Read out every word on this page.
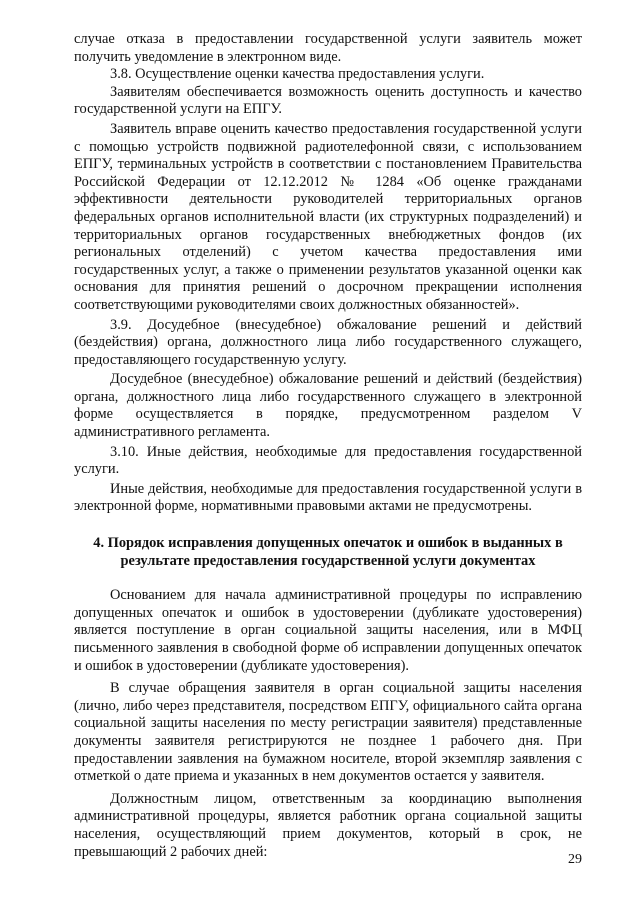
случае отказа в предоставлении государственной услуги заявитель может получить уведомление в электронном виде.

3.8. Осуществление оценки качества предоставления услуги.

Заявителям обеспечивается возможность оценить доступность и качество государственной услуги на ЕПГУ.

Заявитель вправе оценить качество предоставления государственной услуги с помощью устройств подвижной радиотелефонной связи, с использованием ЕПГУ, терминальных устройств в соответствии с постановлением Правительства Российской Федерации от 12.12.2012 № 1284 «Об оценке гражданами эффективности деятельности руководителей территориальных органов федеральных органов исполнительной власти (их структурных подразделений) и территориальных органов государственных внебюджетных фондов (их региональных отделений) с учетом качества предоставления ими государственных услуг, а также о применении результатов указанной оценки как основания для принятия решений о досрочном прекращении исполнения соответствующими руководителями своих должностных обязанностей».

3.9. Досудебное (внесудебное) обжалование решений и действий (бездействия) органа, должностного лица либо государственного служащего, предоставляющего государственную услугу.

Досудебное (внесудебное) обжалование решений и действий (бездействия) органа, должностного лица либо государственного служащего в электронной форме осуществляется в порядке, предусмотренном разделом V административного регламента.

3.10. Иные действия, необходимые для предоставления государственной услуги.

Иные действия, необходимые для предоставления государственной услуги в электронной форме, нормативными правовыми актами не предусмотрены.

4. Порядок исправления допущенных опечаток и ошибок в выданных в результате предоставления государственной услуги документах

Основанием для начала административной процедуры по исправлению допущенных опечаток и ошибок в удостоверении (дубликате удостоверения) является поступление в орган социальной защиты населения, или в МФЦ письменного заявления в свободной форме об исправлении допущенных опечаток и ошибок в удостоверении (дубликате удостоверения).

В случае обращения заявителя в орган социальной защиты населения (лично, либо через представителя, посредством ЕПГУ, официального сайта органа социальной защиты населения по месту регистрации заявителя) представленные документы заявителя регистрируются не позднее 1 рабочего дня. При предоставлении заявления на бумажном носителе, второй экземпляр заявления с отметкой о дате приема и указанных в нем документов остается у заявителя.

Должностным лицом, ответственным за координацию выполнения административной процедуры, является работник органа социальной защиты населения, осуществляющий прием документов, который в срок, не превышающий 2 рабочих дней:	29
